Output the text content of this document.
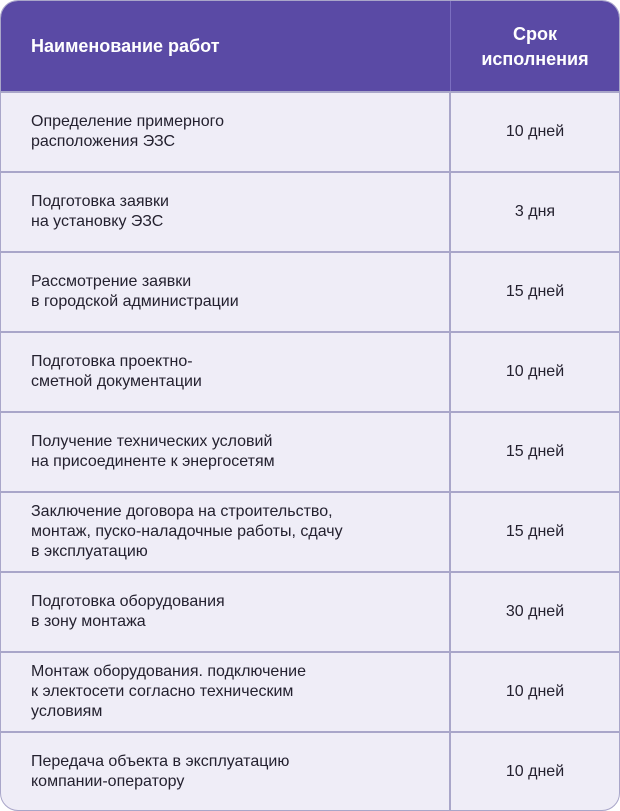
Наименование работ
Срок
исполнения
Определение примерного
расположения ЭЗС
10 дней
Подготовка заявки
на установку ЭЗС
3 дня
Рассмотрение заявки
в городской администрации
15 дней
Подготовка проектно-
сметной документации
10 дней
Получение технических условий
на присоединенте к энергосетям
15 дней
Заключение договора на строительство,
монтаж, пуско-наладочные работы, сдачу
в эксплуатацию
15 дней
Подготовка оборудования
в зону монтажа
30 дней
Монтаж оборудования. подключение
к электосети согласно техническим
условиям
10 дней
Передача объекта в эксплуатацию
компании-оператору
10 дней
